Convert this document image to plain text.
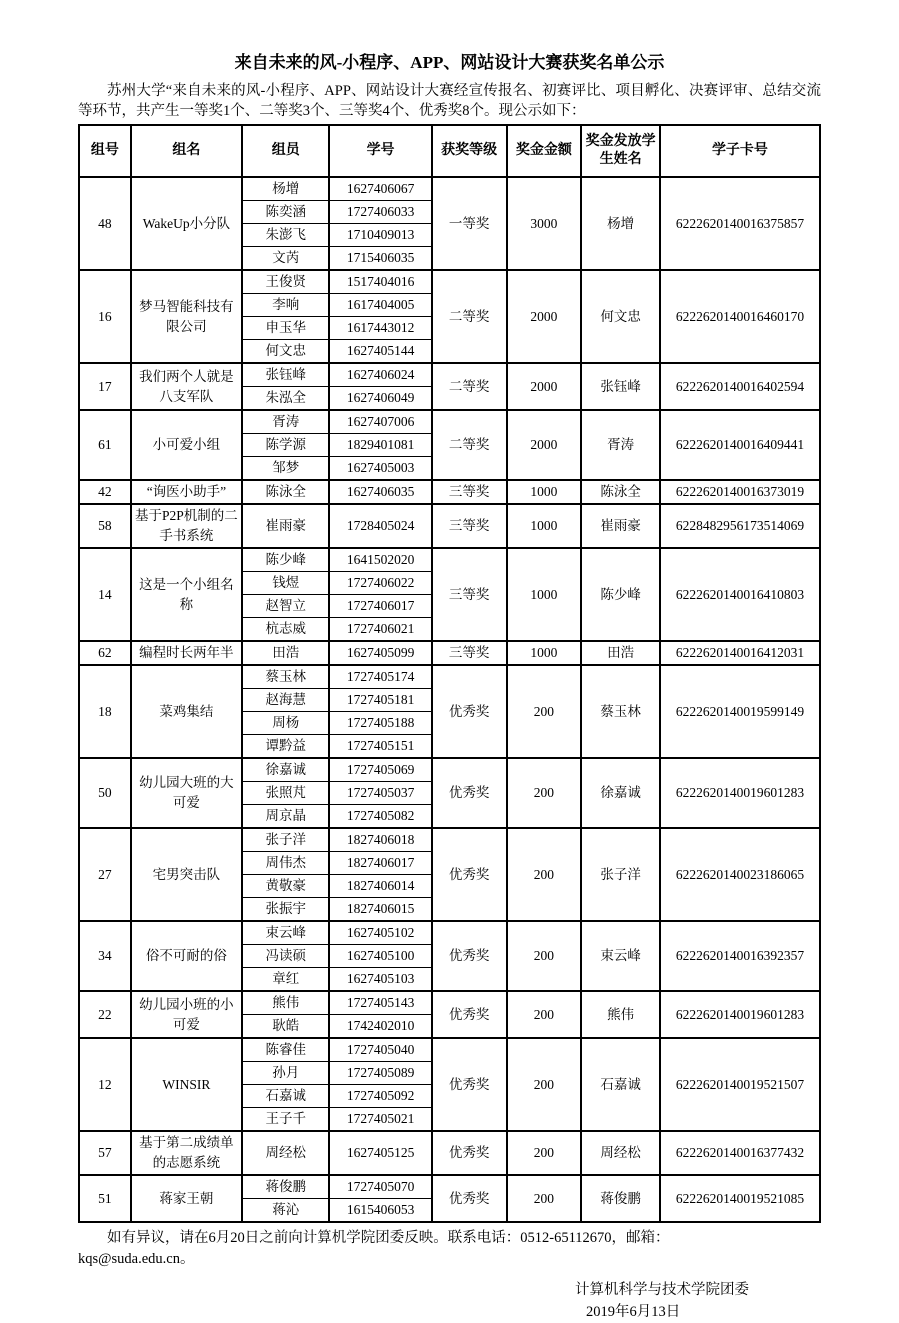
来自未来的风-小程序、APP、网站设计大赛获奖名单公示

苏州大学“来自未来的风-小程序、APP、网站设计大赛经宣传报名、初赛评比、项目孵化、决赛评审、总结交流等环节，共产生一等奖1个、二等奖3个、三等奖4个、优秀奖8个。现公示如下：

组号	组名	组员	学号	获奖等级	奖金金额	奖金发放学生姓名	学子卡号
48	WakeUp小分队	杨增	1627406067	一等奖	3000	杨增	6222620140016375857
		陈奕涵	1727406033				
		朱澎飞	1710409013				
		文芮	1715406035				
16	梦马智能科技有限公司	王俊贤	1517404016	二等奖	2000	何文忠	6222620140016460170
		李响	1617404005				
		申玉华	1617443012				
		何文忠	1627405144				
17	我们两个人就是八支军队	张钰峰	1627406024	二等奖	2000	张钰峰	6222620140016402594
		朱泓全	1627406049				
61	小可爱小组	胥涛	1627407006	二等奖	2000	胥涛	6222620140016409441
		陈学源	1829401081				
		邹梦	1627405003				
42	“询医小助手”	陈泳全	1627406035	三等奖	1000	陈泳全	6222620140016373019
58	基于P2P机制的二手书系统	崔雨豪	1728405024	三等奖	1000	崔雨豪	6228482956173514069
14	这是一个小组名称	陈少峰	1641502020	三等奖	1000	陈少峰	6222620140016410803
		钱煜	1727406022				
		赵智立	1727406017				
		杭志威	1727406021				
62	编程时长两年半	田浩	1627405099	三等奖	1000	田浩	6222620140016412031
18	菜鸡集结	蔡玉林	1727405174	优秀奖	200	蔡玉林	6222620140019599149
		赵海慧	1727405181				
		周杨	1727405188				
		谭黔益	1727405151				
50	幼儿园大班的大可爱	徐嘉诚	1727405069	优秀奖	200	徐嘉诚	6222620140019601283
		张照芃	1727405037				
		周京晶	1727405082				
27	宅男突击队	张子洋	1827406018	优秀奖	200	张子洋	6222620140023186065
		周伟杰	1827406017				
		黄敬豪	1827406014				
		张振宇	1827406015				
34	俗不可耐的俗	束云峰	1627405102	优秀奖	200	束云峰	6222620140016392357
		冯读硕	1627405100				
		章红	1627405103				
22	幼儿园小班的小可爱	熊伟	1727405143	优秀奖	200	熊伟	6222620140019601283
		耿皓	1742402010				
12	WINSIR	陈睿佳	1727405040	优秀奖	200	石嘉诚	6222620140019521507
		孙月	1727405089				
		石嘉诚	1727405092				
		王子千	1727405021				
57	基于第二成绩单的志愿系统	周经松	1627405125	优秀奖	200	周经松	6222620140016377432
51	蒋家王朝	蒋俊鹏	1727405070	优秀奖	200	蒋俊鹏	6222620140019521085
		蒋沁	1615406053				

如有异议，请在6月20日之前向计算机学院团委反映。联系电话：0512-65112670，邮箱：
kqs@suda.edu.cn。

计算机科学与技术学院团委
2019年6月13日
